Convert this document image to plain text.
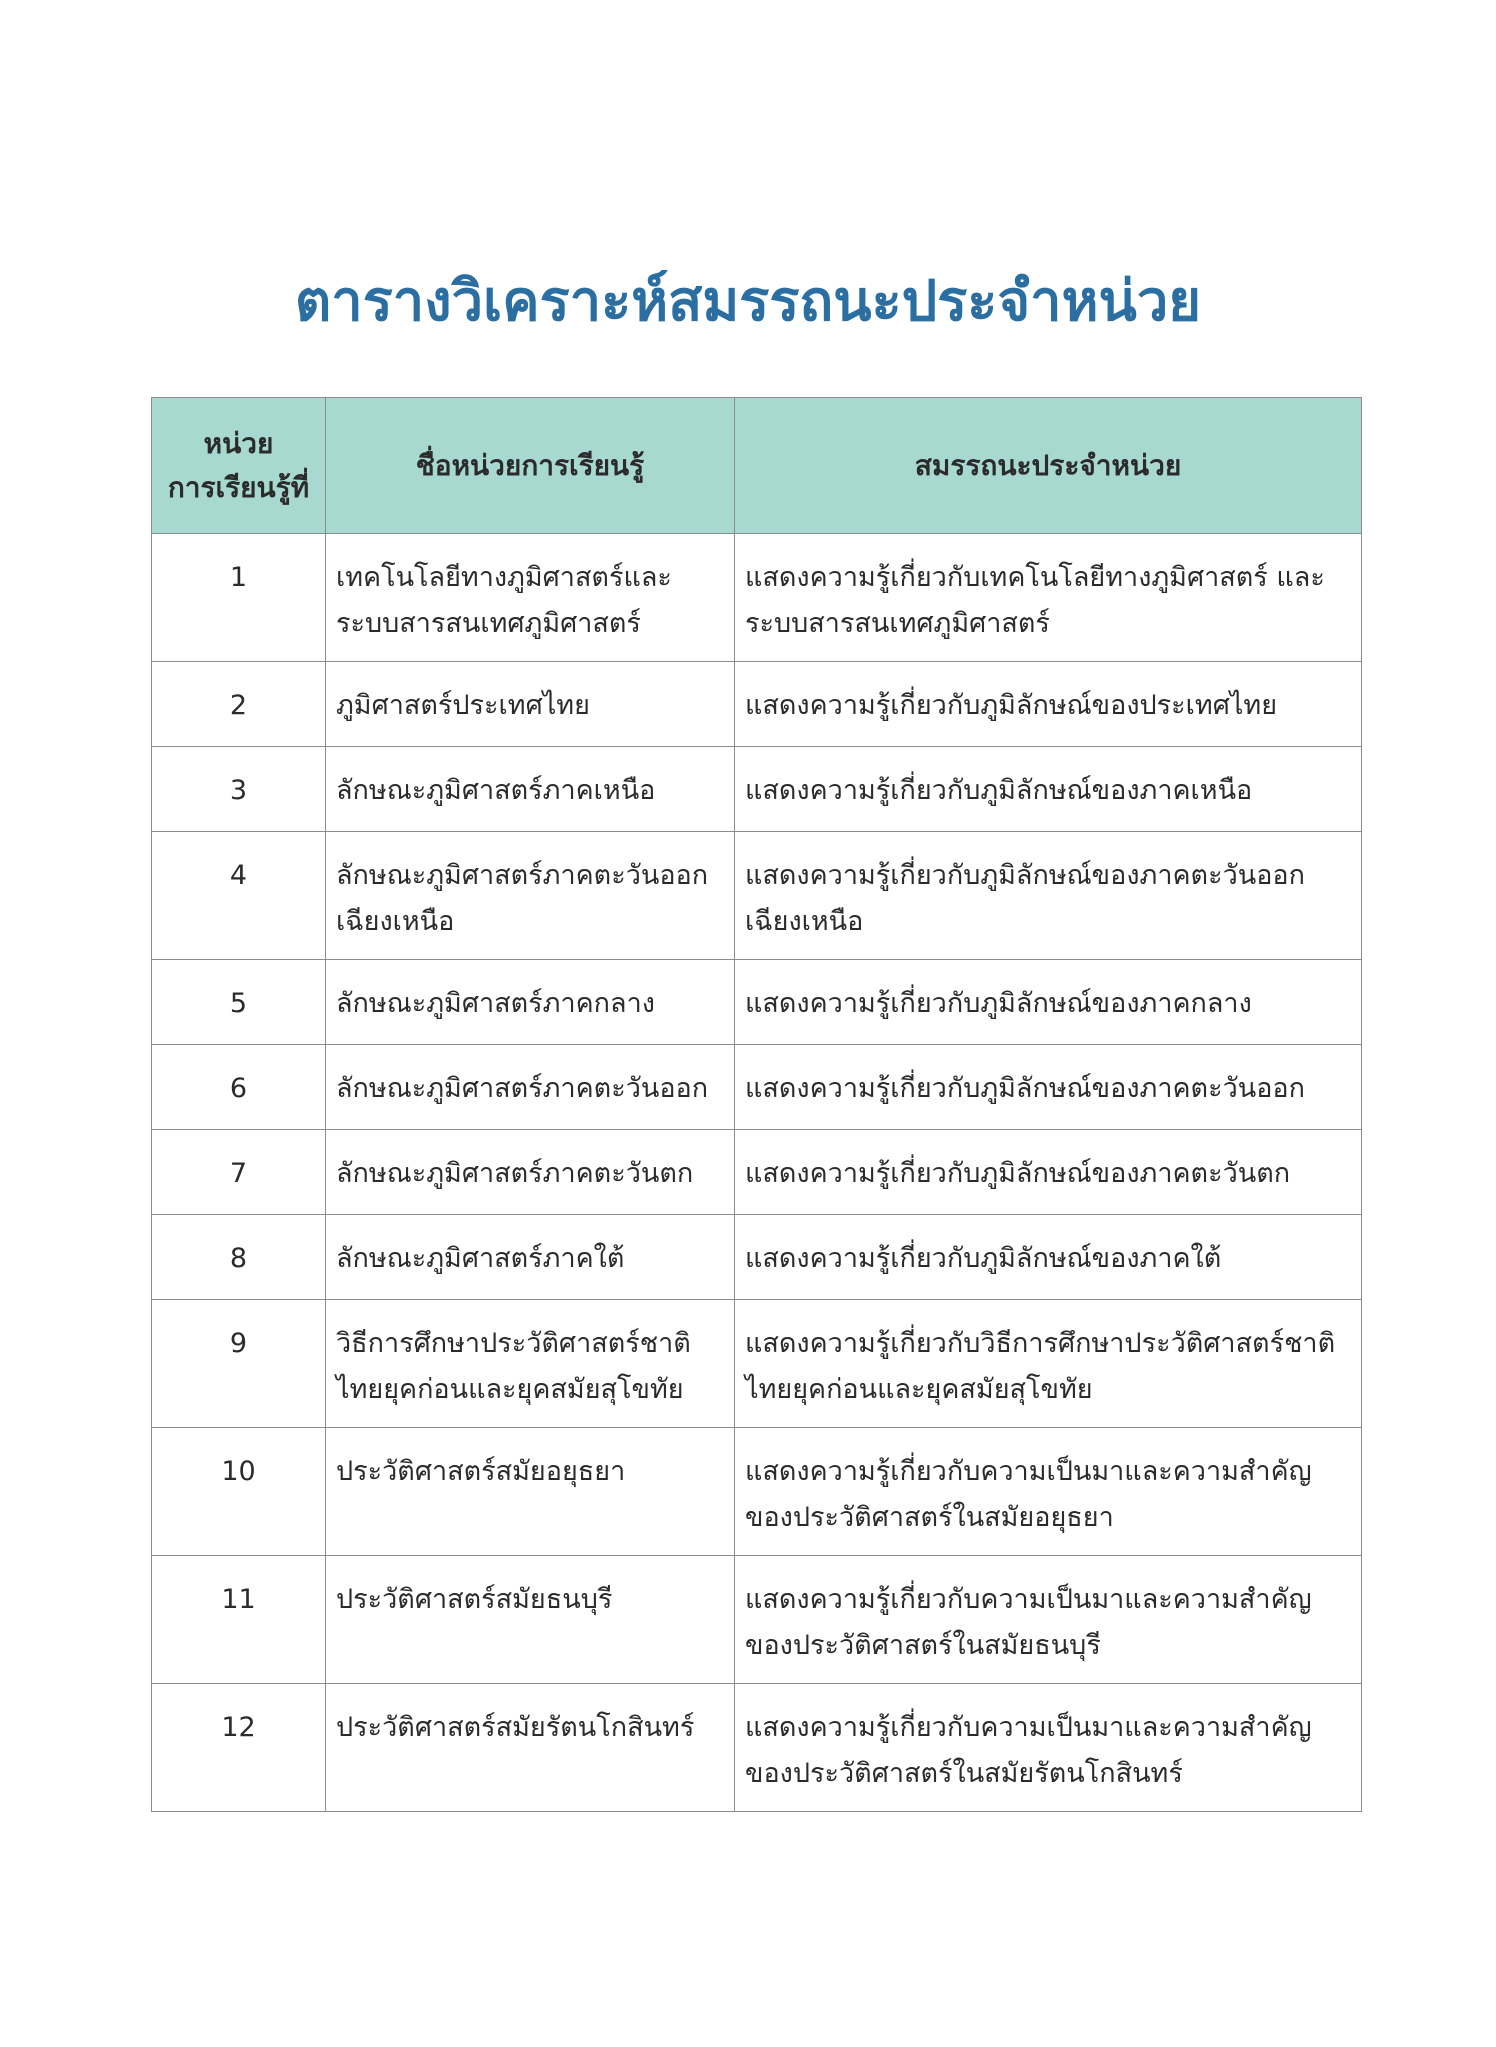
ตารางวิเคราะห์สมรรถนะประจำหน่วย
หน่วย
การเรียนรู้ที่	ชื่อหน่วยการเรียนรู้	สมรรถนะประจำหน่วย
1	เทคโนโลยีทางภูมิศาสตร์และระบบสารสนเทศภูมิศาสตร์	แสดงความรู้เกี่ยวกับเทคโนโลยีทางภูมิศาสตร์ และระบบสารสนเทศภูมิศาสตร์
2	ภูมิศาสตร์ประเทศไทย	แสดงความรู้เกี่ยวกับภูมิลักษณ์ของประเทศไทย
3	ลักษณะภูมิศาสตร์ภาคเหนือ	แสดงความรู้เกี่ยวกับภูมิลักษณ์ของภาคเหนือ
4	ลักษณะภูมิศาสตร์ภาคตะวันออกเฉียงเหนือ	แสดงความรู้เกี่ยวกับภูมิลักษณ์ของภาคตะวันออกเฉียงเหนือ
5	ลักษณะภูมิศาสตร์ภาคกลาง	แสดงความรู้เกี่ยวกับภูมิลักษณ์ของภาคกลาง
6	ลักษณะภูมิศาสตร์ภาคตะวันออก	แสดงความรู้เกี่ยวกับภูมิลักษณ์ของภาคตะวันออก
7	ลักษณะภูมิศาสตร์ภาคตะวันตก	แสดงความรู้เกี่ยวกับภูมิลักษณ์ของภาคตะวันตก
8	ลักษณะภูมิศาสตร์ภาคใต้	แสดงความรู้เกี่ยวกับภูมิลักษณ์ของภาคใต้
9	วิธีการศึกษาประวัติศาสตร์ชาติไทยยุคก่อนและยุคสมัยสุโขทัย	แสดงความรู้เกี่ยวกับวิธีการศึกษาประวัติศาสตร์ชาติไทยยุคก่อนและยุคสมัยสุโขทัย
10	ประวัติศาสตร์สมัยอยุธยา	แสดงความรู้เกี่ยวกับความเป็นมาและความสำคัญของประวัติศาสตร์ในสมัยอยุธยา
11	ประวัติศาสตร์สมัยธนบุรี	แสดงความรู้เกี่ยวกับความเป็นมาและความสำคัญของประวัติศาสตร์ในสมัยธนบุรี
12	ประวัติศาสตร์สมัยรัตนโกสินทร์	แสดงความรู้เกี่ยวกับความเป็นมาและความสำคัญของประวัติศาสตร์ในสมัยรัตนโกสินทร์
